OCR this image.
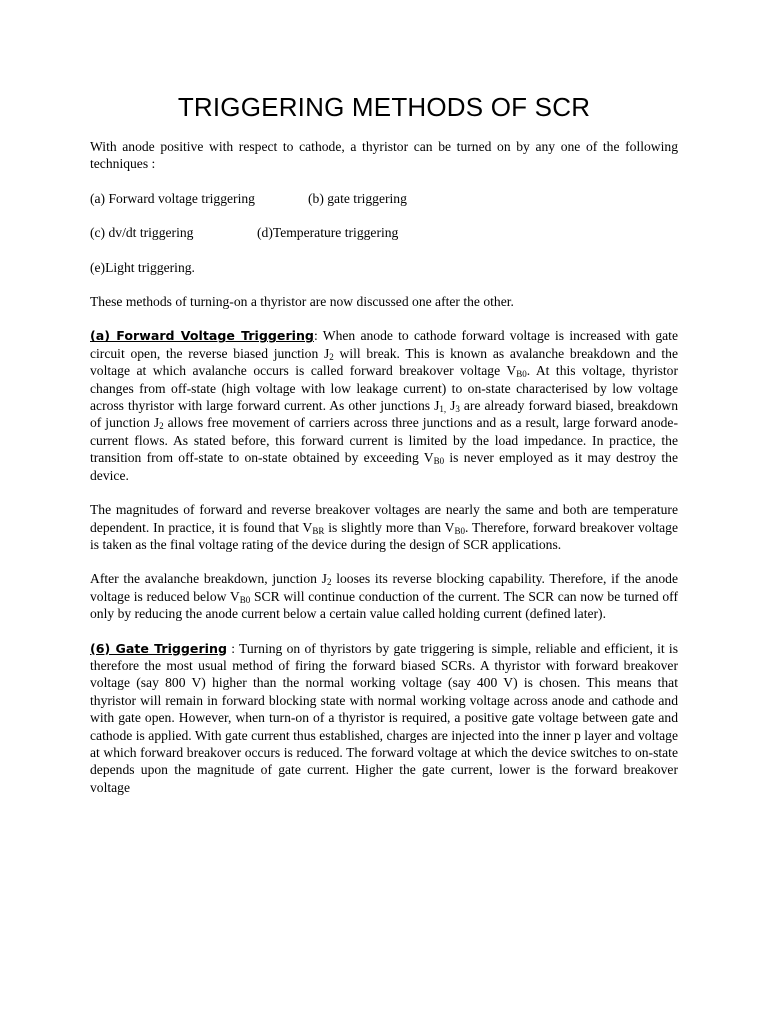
TRIGGERING METHODS OF SCR

With anode positive with respect to cathode, a thyristor can be turned on by any one of the following techniques :

(a) Forward voltage triggering	(b) gate triggering
(c) dv/dt triggering	(d)Temperature triggering
(e)Light triggering.

These methods of turning-on a thyristor are now discussed one after the other.

(a) Forward Voltage Triggering: When anode to cathode forward voltage is increased with gate circuit open, the reverse biased junction $J_2$ will break. This is known as avalanche breakdown and the voltage at which avalanche occurs is called forward breakover voltage $V_{B0}$. At this voltage, thyristor changes from off-state (high voltage with low leakage current) to on-state characterised by low voltage across thyristor with large forward current. As other junctions $J_{1,}$ $J_3$ are already forward biased, breakdown of junction $J_2$ allows free movement of carriers across three junctions and as a result, large forward anode-current flows. As stated before, this forward current is limited by the load impedance. In practice, the transition from off-state to on-state obtained by exceeding $V_{B0}$ is never employed as it may destroy the device.

The magnitudes of forward and reverse breakover voltages are nearly the same and both are temperature dependent. In practice, it is found that $V_{BR}$ is slightly more than $V_{B0}$. Therefore, forward breakover voltage is taken as the final voltage rating of the device during the design of SCR applications.

After the avalanche breakdown, junction $J_2$ looses its reverse blocking capability. Therefore, if the anode voltage is reduced below $V_{B0}$ SCR will continue conduction of the current. The SCR can now be turned off only by reducing the anode current below a certain value called holding current (defined later).

(6) Gate Triggering : Turning on of thyristors by gate triggering is simple, reliable and efficient, it is therefore the most usual method of firing the forward biased SCRs. A thyristor with forward breakover voltage (say 800 V) higher than the normal working voltage (say 400 V) is chosen. This means that thyristor will remain in forward blocking state with normal working voltage across anode and cathode and with gate open. However, when turn-on of a thyristor is required, a positive gate voltage between gate and cathode is applied. With gate current thus established, charges are injected into the inner p layer and voltage at which forward breakover occurs is reduced. The forward voltage at which the device switches to on-state depends upon the magnitude of gate current. Higher the gate current, lower is the forward breakover voltage
